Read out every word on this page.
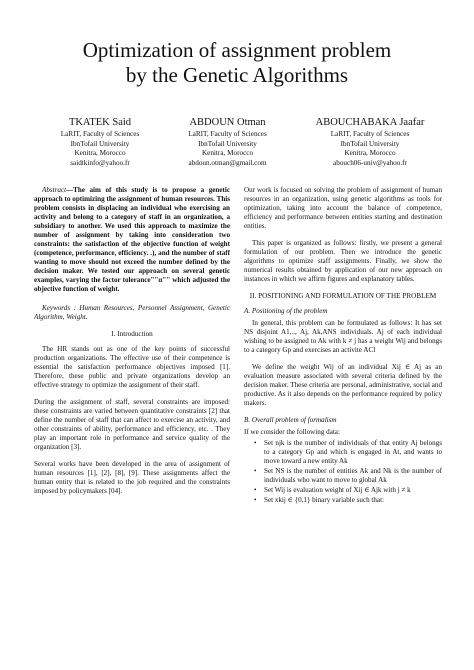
Optimization of assignment problem
by the Genetic Algorithms
TKATEK Said
LaRIT, Faculty of Sciences
IbnTofail University
Kenitra, Morocco
saidtkinfo@yahoo.fr
ABDOUN Otman
LaRIT, Faculty of Sciences
IbnTofail University
Kenitra, Morocco
abdoun.otman@gmail.com
ABOUCHABAKA Jaafar
LaRIT, Faculty of Sciences
IbnTofail University
Kenitra, Morocco
abouch06-univ@yahoo.fr

Abstract—The aim of this study is to propose a genetic approach to optimizing the assignment of human resources. This problem consists in displacing an individual who exercising an activity and belong to a category of staff in an organization, a subsidiary to another. We used this approach to maximize the number of assignment by taking into consideration two constraints: the satisfaction of the objective function of weight (competence, performance, efficiency. .), and the number of staff wanting to move should not exceed the number defined by the decision maker. We tested our approach on several genetic examples, varying the factor tolerance""α"" which adjusted the objective function of weight.

Keywords : Human Resources, Personnel Assignment, Genetic Algorithm, Weight.

I. Introduction

The HR stands out as one of the key points of successful production organizations. The effective use of their competence is essential the satisfaction performance objectives imposed [1]. Therefore, these public and private organizations develop an effective strategy to optimize the assignment of their staff.

During the assignment of staff, several constraints are imposed: these constraints are varied between quantitative constraints [2] that define the number of staff that can affect to exercise an activity, and other constraints of ability, performance and efficiency, etc. . They play an important role in performance and service quality of the organization [3].

Several works have been developed in the area of assignment of human resources [1], [2], [8], [9]. These assignments affect the human entity that is related to the job required and the constraints imposed by policymakers [04].

Our work is focused on solving the problem of assignment of human resources in an organization, using genetic algorithms as tools for optimization, taking into account the balance of competence, efficiency and performance between entities starting and destination entities.

This paper is organized as follows: firstly, we present a general formulation of our problem. Then we introduce the genetic algorithms to optimize staff assignments. Finally, we show the numerical results obtained by application of our new approach on instances in which we affirm figures and explanatory tables.

II. POSITIONING AND FORMULATION OF THE PROBLEM
A. Positioning of the problem

In general, this problem can be formulated as follows: It has set NS disjoint A1,.., Aj, Ak,ANS individuals. Aj of each individual wishing to be assigned to Ak with k ≠ j has a weight Wij and belongs to a category Gp and exercises an activite ACl

We define the weight Wij of an individual Xij ∈ Aj as an evaluation measure associated with several criteria defined by the decision maker. These criteria are personal, administrative, social and productive. As it also depends on the performance required by policy makers.

B. Overall problem of formalism

If we consider the following data:

• Set njk is the number of individuals of that entity Aj belongs to a category Gp and which is engaged in At, and wants to move toward a new entity Ak

• Set NS is the number of entities Ak and Nk is the number of individuals who want to move to global Ak

• Set Wij is evaluation weight of Xij ∈ Ajk with j ≠ k

• Set xkij ∈ {0,1} binary variable such that:
